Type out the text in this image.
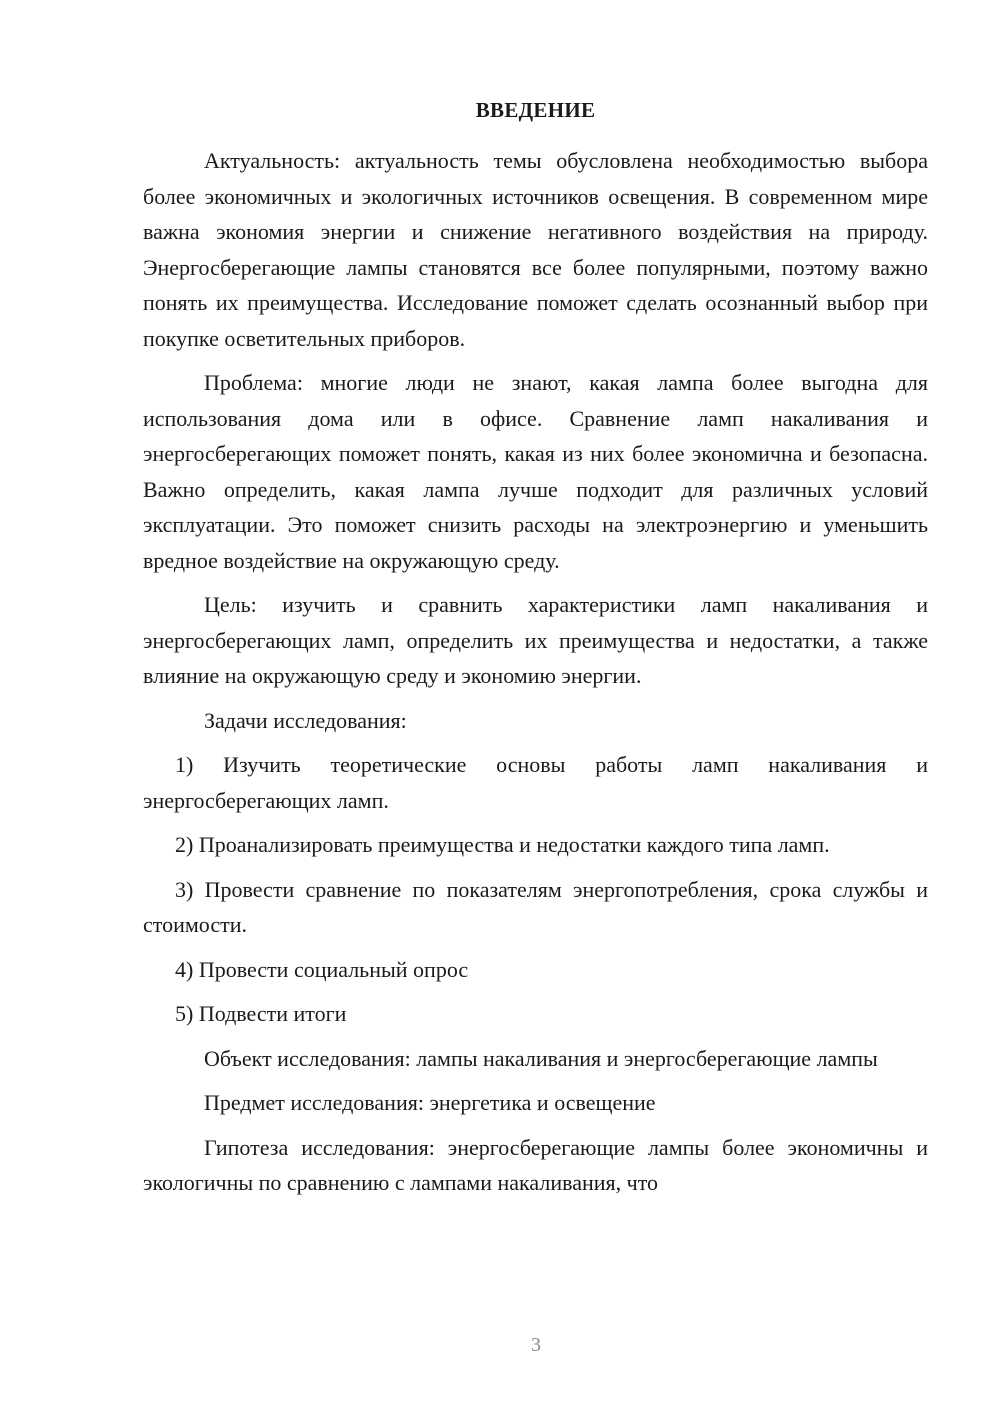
ВВЕДЕНИЕ

Актуальность: актуальность темы обусловлена необходимостью выбора более экономичных и экологичных источников освещения. В современном мире важна экономия энергии и снижение негативного воздействия на природу. Энергосберегающие лампы становятся все более популярными, поэтому важно понять их преимущества. Исследование поможет сделать осознанный выбор при покупке осветительных приборов.

Проблема: многие люди не знают, какая лампа более выгодна для использования дома или в офисе. Сравнение ламп накаливания и энергосберегающих поможет понять, какая из них более экономична и безопасна. Важно определить, какая лампа лучше подходит для различных условий эксплуатации. Это поможет снизить расходы на электроэнергию и уменьшить вредное воздействие на окружающую среду.

Цель: изучить и сравнить характеристики ламп накаливания и энергосберегающих ламп, определить их преимущества и недостатки, а также влияние на окружающую среду и экономию энергии.

Задачи исследования:

1) Изучить теоретические основы работы ламп накаливания и энергосберегающих ламп.

2) Проанализировать преимущества и недостатки каждого типа ламп.

3) Провести сравнение по показателям энергопотребления, срока службы и стоимости.

4) Провести социальный опрос

5) Подвести итоги

Объект исследования: лампы накаливания и энергосберегающие лампы

Предмет исследования: энергетика и освещение

Гипотеза исследования: энергосберегающие лампы более экономичны и экологичны по сравнению с лампами накаливания, что

3
